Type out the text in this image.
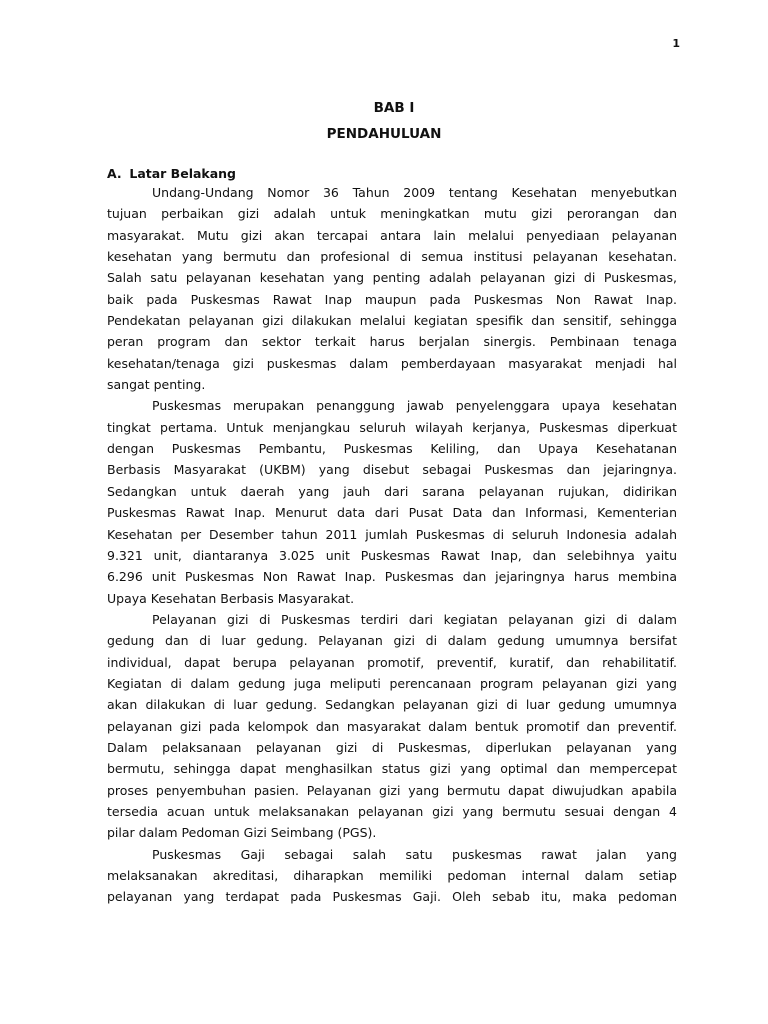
1
BAB I
PENDAHULUAN
A. Latar Belakang
Undang-Undang Nomor 36 Tahun 2009 tentang Kesehatan menyebutkan
tujuan perbaikan gizi adalah untuk meningkatkan mutu gizi perorangan dan
masyarakat. Mutu gizi akan tercapai antara lain melalui penyediaan pelayanan
kesehatan yang bermutu dan profesional di semua institusi pelayanan kesehatan.
Salah satu pelayanan kesehatan yang penting adalah pelayanan gizi di Puskesmas,
baik pada Puskesmas Rawat Inap maupun pada Puskesmas Non Rawat Inap.
Pendekatan pelayanan gizi dilakukan melalui kegiatan spesifik dan sensitif, sehingga
peran program dan sektor terkait harus berjalan sinergis. Pembinaan tenaga
kesehatan/tenaga gizi puskesmas dalam pemberdayaan masyarakat menjadi hal
sangat penting.
Puskesmas merupakan penanggung jawab penyelenggara upaya kesehatan
tingkat pertama. Untuk menjangkau seluruh wilayah kerjanya, Puskesmas diperkuat
dengan Puskesmas Pembantu, Puskesmas Keliling, dan Upaya Kesehatanan
Berbasis Masyarakat (UKBM) yang disebut sebagai Puskesmas dan jejaringnya.
Sedangkan untuk daerah yang jauh dari sarana pelayanan rujukan, didirikan
Puskesmas Rawat Inap. Menurut data dari Pusat Data dan Informasi, Kementerian
Kesehatan per Desember tahun 2011 jumlah Puskesmas di seluruh Indonesia adalah
9.321 unit, diantaranya 3.025 unit Puskesmas Rawat Inap, dan selebihnya yaitu
6.296 unit Puskesmas Non Rawat Inap. Puskesmas dan jejaringnya harus membina
Upaya Kesehatan Berbasis Masyarakat.
Pelayanan gizi di Puskesmas terdiri dari kegiatan pelayanan gizi di dalam
gedung dan di luar gedung. Pelayanan gizi di dalam gedung umumnya bersifat
individual, dapat berupa pelayanan promotif, preventif, kuratif, dan rehabilitatif.
Kegiatan di dalam gedung juga meliputi perencanaan program pelayanan gizi yang
akan dilakukan di luar gedung. Sedangkan pelayanan gizi di luar gedung umumnya
pelayanan gizi pada kelompok dan masyarakat dalam bentuk promotif dan preventif.
Dalam pelaksanaan pelayanan gizi di Puskesmas, diperlukan pelayanan yang
bermutu, sehingga dapat menghasilkan status gizi yang optimal dan mempercepat
proses penyembuhan pasien. Pelayanan gizi yang bermutu dapat diwujudkan apabila
tersedia acuan untuk melaksanakan pelayanan gizi yang bermutu sesuai dengan 4
pilar dalam Pedoman Gizi Seimbang (PGS).
Puskesmas Gaji sebagai salah satu puskesmas rawat jalan yang
melaksanakan akreditasi, diharapkan memiliki pedoman internal dalam setiap
pelayanan yang terdapat pada Puskesmas Gaji. Oleh sebab itu, maka pedoman
